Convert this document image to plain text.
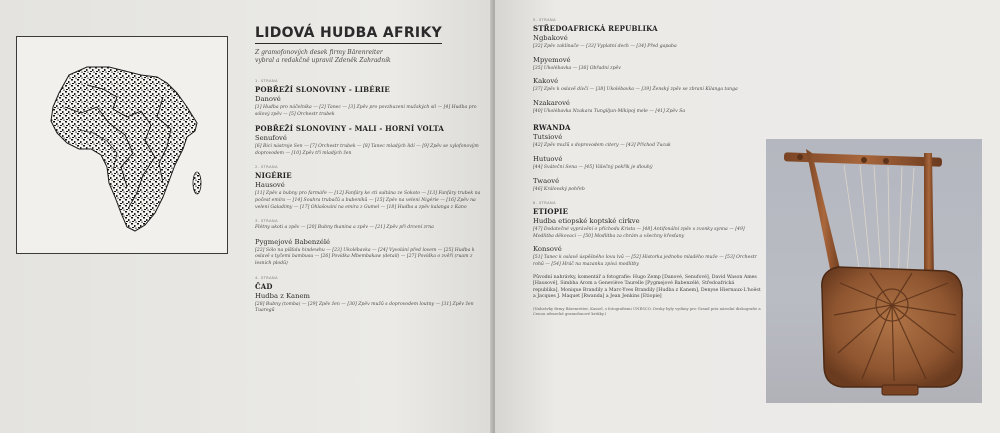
LIDOVÁ HUDBA AFRIKY
Z gramofonových desek firmy Bärenreiter vybral a redakčně upravil Zdeněk Zahradník
1. STRANA
POBŘEŽÍ SLONOVINY - LIBÉRIE
Danové
[1] Hudba pro náčelníka — [2] Tanec — [3] Zpěv pro povzbuzení mužských sil — [4] Hudba pro sólový zpěv — [5] Orchestr trubek
POBŘEŽÍ SLONOVINY - MALI - HORNÍ VOLTA
Senufové
[6] Bicí nástroje Sen — [7] Orchestr trubek — [8] Tanec mladých lidí — [9] Zpěv se xylofonovým doprovodem — [10] Zpěv tří mladých žen
2. STRANA
NIGÉRIE
Hausové
[11] Zpěv a bubny pro farmáře — [12] Fanfáry ke cti sultána ze Sokoto — [13] Fanfáry trubek na počest emíra — [14] Souhra trubačů a bubeníků — [15] Zpěv na velení Nigérie — [16] Zpěv na velení Galadimy — [17] Ohlašování na emíra z Gumel — [18] Hudba a zpěv kalanga z Kano
3. STRANA
Flétny ukoti a zpěv — [20] Bubny tkanina a zpěv — [21] Zpěv při drcení zrna
Pygmejové Babenzélé
[22] Sólo na píšťalu hindewhu — [23] Ukolébavka — [24] Vyvolání před lovem — [25] Hudba k oslavě s tyčemi bambusu — [26] Povídka Mbembakaw (detail) — [27] Povídka o zvěří (ruam z lesních plodů)
4. STRANA
ČAD
Hudba z Kanem
[28] Bubny (tomba) — [29] Zpěv žen — [30] Zpěv mužů s doprovodem loutny — [31] Zpěv žen Tuaregů
5. STRANA
STŘEDOAFRICKÁ REPUBLIKA
Ngbakové
[32] Zpěv zaklínače — [33] Vyplatní dech — [34] Před gapaba
Mpyemové
[35] Ukolébavka — [36] Obřadní zpěv
Kakové
[37] Zpěv k oslavě dívčí — [38] Ukolébavka — [39] Ženský zpěv se zbraní Kilanga tanga
Nzakarové
[40] Ukolébavka Nzakara Tungiljun-Mikipoj mele — [41] Zpěv Sa
RWANDA
Tutsiové
[42] Zpěv mužů s doprovodem citery — [43] Příchod Tucuk
Hutuové
[44] Sváteční Sena — [45] Válečný pokřik je dlouhý
Twaové
[46] Královský pohřeb
6. STRANA
ETIOPIE
Hudba etiopské koptské církve
[47] Dodatečné vyprávění o příchodu Krista — [48] Antifonální zpěv s zvonky synna — [49] Modlitba děkovací — [50] Modlitba za chrám a všechny křesťany
Konsové
[51] Tanec k oslavě úspěšného lovu lvů — [52] Historka jednoho mladého muže — [53] Orchestr rohů — [54] Hráč na mazanku zpívá modlitby
Původní nahrávky, komentář a fotografie: Hugo Zemp [Danové, Senufové], David Wason Ames [Hausové], Simbha Arom a Geneviève Taurelle [Pygmejové Babenzélé, Středoafrická republika], Monique Brandily a Marc-Yves Brandily [Hudba z Kanem], Denyse Hiernaux-L'hoëst a Jacques J. Maquet [Rwanda] a Jean Jenkins [Etiopie]
(Nahrávky firmy Bärenreiter, Kassel, s fotografiemi UNESCO. Desky byly vydány pro Grand prix národní diskografie a Cenou německé gramofonové kritiky.)
